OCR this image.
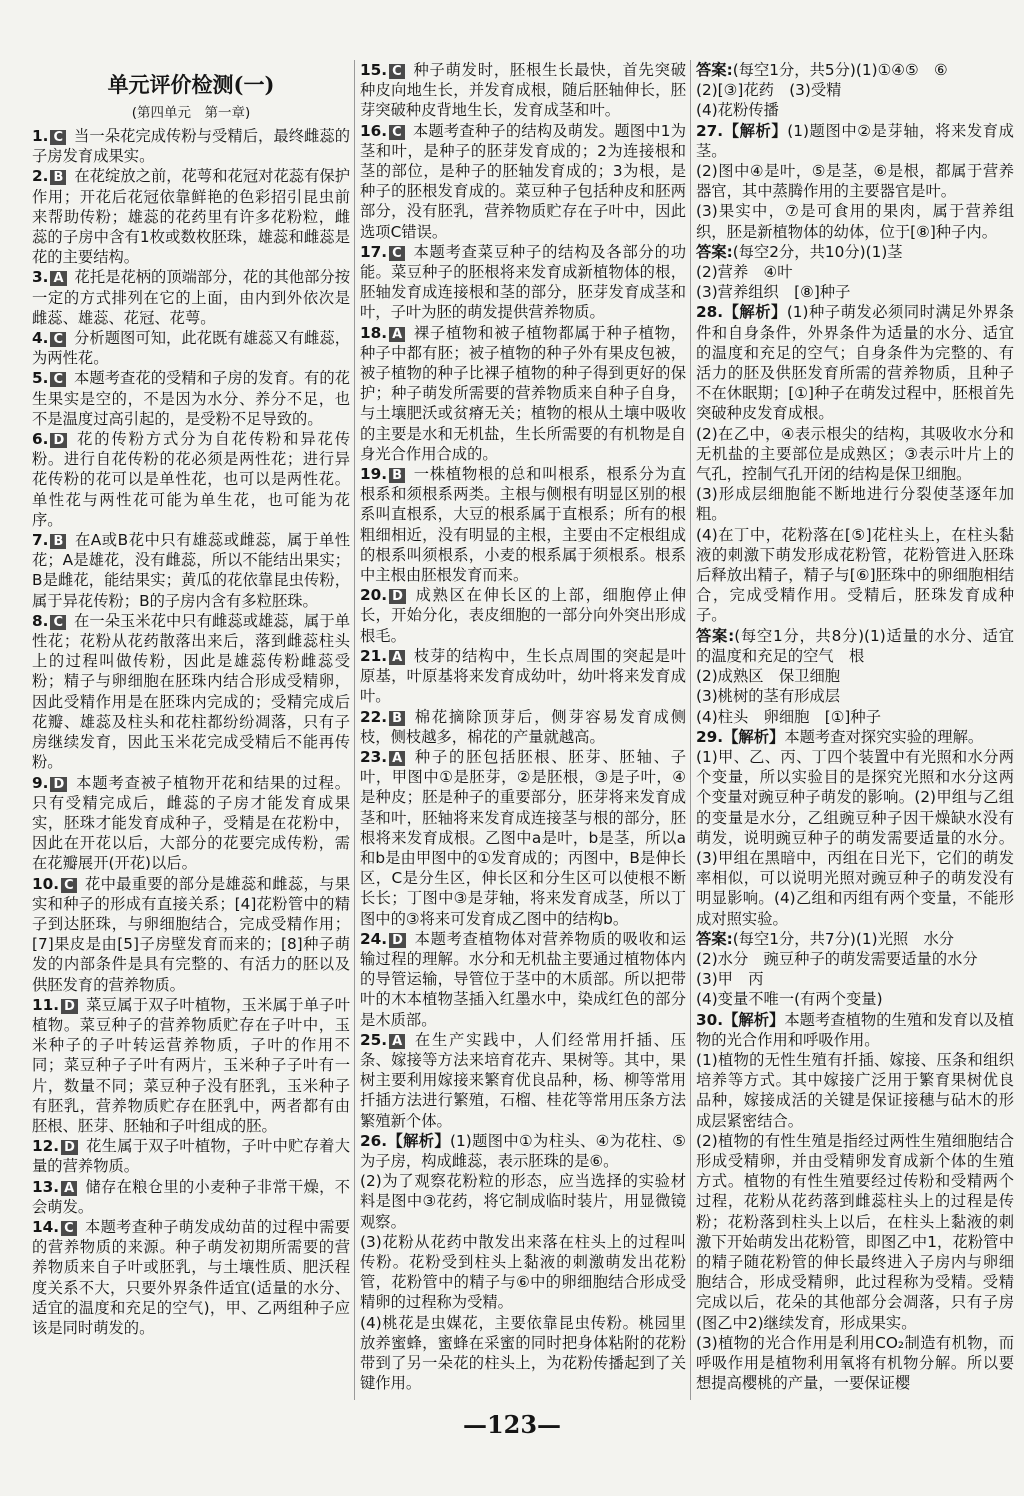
单元评价检测(一)
(第四单元　第一章)
1. C 当一朵花完成传粉与受精后，最终雌蕊的子房发育成果实。
2. B 在花绽放之前，花萼和花冠对花蕊有保护作用；开花后花冠依靠鲜艳的色彩招引昆虫前来帮助传粉；雄蕊的花药里有许多花粉粒，雌蕊的子房中含有1枚或数枚胚珠，雄蕊和雌蕊是花的主要结构。
3. A 花托是花柄的顶端部分，花的其他部分按一定的方式排列在它的上面，由内到外依次是雌蕊、雄蕊、花冠、花萼。
4. C 分析题图可知，此花既有雄蕊又有雌蕊，为两性花。
5. C 本题考查花的受精和子房的发育。有的花生果实是空的，不是因为水分、养分不足，也不是温度过高引起的，是受粉不足导致的。
6. D 花的传粉方式分为自花传粉和异花传粉。进行自花传粉的花必须是两性花；进行异花传粉的花可以是单性花，也可以是两性花。单性花与两性花可能为单生花，也可能为花序。
7. B 在A或B花中只有雄蕊或雌蕊，属于单性花；A是雄花，没有雌蕊，所以不能结出果实；B是雌花，能结果实；黄瓜的花依靠昆虫传粉，属于异花传粉；B的子房内含有多粒胚珠。
8. C 在一朵玉米花中只有雌蕊或雄蕊，属于单性花；花粉从花药散落出来后，落到雌蕊柱头上的过程叫做传粉，因此是雄蕊传粉雌蕊受粉；精子与卵细胞在胚珠内结合形成受精卵，因此受精作用是在胚珠内完成的；受精完成后花瓣、雄蕊及柱头和花柱都纷纷凋落，只有子房继续发育，因此玉米花完成受精后不能再传粉。
9. D 本题考查被子植物开花和结果的过程。只有受精完成后，雌蕊的子房才能发育成果实，胚珠才能发育成种子，受精是在花粉中，因此在开花以后，大部分的花要完成传粉，需在花瓣展开(开花)以后。
10. C 花中最重要的部分是雄蕊和雌蕊，与果实和种子的形成有直接关系；[4]花粉管中的精子到达胚珠，与卵细胞结合，完成受精作用；[7]果皮是由[5]子房壁发育而来的；[8]种子萌发的内部条件是具有完整的、有活力的胚以及供胚发育的营养物质。
11. D 菜豆属于双子叶植物，玉米属于单子叶植物。菜豆种子的营养物质贮存在子叶中，玉米种子的子叶转运营养物质，子叶的作用不同；菜豆种子子叶有两片，玉米种子子叶有一片，数量不同；菜豆种子没有胚乳，玉米种子有胚乳，营养物质贮存在胚乳中，两者都有由胚根、胚芽、胚轴和子叶组成的胚。
12. D 花生属于双子叶植物，子叶中贮存着大量的营养物质。
13. A 储存在粮仓里的小麦种子非常干燥，不会萌发。
14. C 本题考查种子萌发成幼苗的过程中需要的营养物质的来源。种子萌发初期所需要的营养物质来自子叶或胚乳，与土壤性质、肥沃程度关系不大，只要外界条件适宜(适量的水分、适宜的温度和充足的空气)，甲、乙两组种子应该是同时萌发的。
15. C 种子萌发时，胚根生长最快，首先突破种皮向地生长，并发育成根，随后胚轴伸长，胚芽突破种皮背地生长，发育成茎和叶。
16. C 本题考查种子的结构及萌发。题图中1为茎和叶，是种子的胚芽发育成的；2为连接根和茎的部位，是种子的胚轴发育成的；3为根，是种子的胚根发育成的。菜豆种子包括种皮和胚两部分，没有胚乳，营养物质贮存在子叶中，因此选项C错误。
17. C 本题考查菜豆种子的结构及各部分的功能。菜豆种子的胚根将来发育成新植物体的根，胚轴发育成连接根和茎的部分，胚芽发育成茎和叶，子叶为胚的萌发提供营养物质。
18. A 裸子植物和被子植物都属于种子植物，种子中都有胚；被子植物的种子外有果皮包被，被子植物的种子比裸子植物的种子得到更好的保护；种子萌发所需要的营养物质来自种子自身，与土壤肥沃或贫瘠无关；植物的根从土壤中吸收的主要是水和无机盐，生长所需要的有机物是自身光合作用合成的。
19. B 一株植物根的总和叫根系，根系分为直根系和须根系两类。主根与侧根有明显区别的根系叫直根系，大豆的根系属于直根系；所有的根粗细相近，没有明显的主根，主要由不定根组成的根系叫须根系，小麦的根系属于须根系。根系中主根由胚根发育而来。
20. D 成熟区在伸长区的上部，细胞停止伸长，开始分化，表皮细胞的一部分向外突出形成根毛。
21. A 枝芽的结构中，生长点周围的突起是叶原基，叶原基将来发育成幼叶，幼叶将来发育成叶。
22. B 棉花摘除顶芽后，侧芽容易发育成侧枝，侧枝越多，棉花的产量就越高。
23. A 种子的胚包括胚根、胚芽、胚轴、子叶，甲图中①是胚芽，②是胚根，③是子叶，④是种皮；胚是种子的重要部分，胚芽将来发育成茎和叶，胚轴将来发育成连接茎与根的部分，胚根将来发育成根。乙图中a是叶，b是茎，所以a和b是由甲图中的①发育成的；丙图中，B是伸长区，C是分生区，伸长区和分生区可以使根不断长长；丁图中③是芽轴，将来发育成茎，所以丁图中的③将来可发育成乙图中的结构b。
24. D 本题考查植物体对营养物质的吸收和运输过程的理解。水分和无机盐主要通过植物体内的导管运输，导管位于茎中的木质部。所以把带叶的木本植物茎插入红墨水中，染成红色的部分是木质部。
25. A 在生产实践中，人们经常用扦插、压条、嫁接等方法来培育花卉、果树等。其中，果树主要利用嫁接来繁育优良品种，杨、柳等常用扦插方法进行繁殖，石榴、桂花等常用压条方法繁殖新个体。
26.【解析】(1)题图中①为柱头、④为花柱、⑤为子房，构成雌蕊，表示胚珠的是⑥。
(2)为了观察花粉粒的形态，应当选择的实验材料是图中③花药，将它制成临时装片，用显微镜观察。
(3)花粉从花药中散发出来落在柱头上的过程叫传粉。花粉受到柱头上黏液的刺激萌发出花粉管，花粉管中的精子与⑥中的卵细胞结合形成受精卵的过程称为受精。
(4)桃花是虫媒花，主要依靠昆虫传粉。桃园里放养蜜蜂，蜜蜂在采蜜的同时把身体粘附的花粉带到了另一朵花的柱头上，为花粉传播起到了关键作用。
答案:(每空1分，共5分)(1)①④⑤　⑥
(2)[③]花药　(3)受精
(4)花粉传播
27.【解析】(1)题图中②是芽轴，将来发育成茎。
(2)图中④是叶，⑤是茎，⑥是根，都属于营养器官，其中蒸腾作用的主要器官是叶。
(3)果实中，⑦是可食用的果肉，属于营养组织，胚是新植物体的幼体，位于[⑧]种子内。
答案:(每空2分，共10分)(1)茎
(2)营养　④叶
(3)营养组织　[⑧]种子
28.【解析】(1)种子萌发必须同时满足外界条件和自身条件，外界条件为适量的水分、适宜的温度和充足的空气；自身条件为完整的、有活力的胚及供胚发育所需的营养物质，且种子不在休眠期；[①]种子在萌发过程中，胚根首先突破种皮发育成根。
(2)在乙中，④表示根尖的结构，其吸收水分和无机盐的主要部位是成熟区；③表示叶片上的气孔，控制气孔开闭的结构是保卫细胞。
(3)形成层细胞能不断地进行分裂使茎逐年加粗。
(4)在丁中，花粉落在[⑤]花柱头上，在柱头黏液的刺激下萌发形成花粉管，花粉管进入胚珠后释放出精子，精子与[⑥]胚珠中的卵细胞相结合，完成受精作用。受精后，胚珠发育成种子。
答案:(每空1分，共8分)(1)适量的水分、适宜的温度和充足的空气　根
(2)成熟区　保卫细胞
(3)桃树的茎有形成层
(4)柱头　卵细胞　[①]种子
29.【解析】本题考查对探究实验的理解。
(1)甲、乙、丙、丁四个装置中有光照和水分两个变量，所以实验目的是探究光照和水分这两个变量对豌豆种子萌发的影响。(2)甲组与乙组的变量是水分，乙组豌豆种子因干燥缺水没有萌发，说明豌豆种子的萌发需要适量的水分。(3)甲组在黑暗中，丙组在日光下，它们的萌发率相似，可以说明光照对豌豆种子的萌发没有明显影响。(4)乙组和丙组有两个变量，不能形成对照实验。
答案:(每空1分，共7分)(1)光照　水分
(2)水分　豌豆种子的萌发需要适量的水分
(3)甲　丙
(4)变量不唯一(有两个变量)
30.【解析】本题考查植物的生殖和发育以及植物的光合作用和呼吸作用。
(1)植物的无性生殖有扦插、嫁接、压条和组织培养等方式。其中嫁接广泛用于繁育果树优良品种，嫁接成活的关键是保证接穗与砧木的形成层紧密结合。
(2)植物的有性生殖是指经过两性生殖细胞结合形成受精卵，并由受精卵发育成新个体的生殖方式。植物的有性生殖要经过传粉和受精两个过程，花粉从花药落到雌蕊柱头上的过程是传粉；花粉落到柱头上以后，在柱头上黏液的刺激下开始萌发出花粉管，即图乙中1，花粉管中的精子随花粉管的伸长最终进入子房内与卵细胞结合，形成受精卵，此过程称为受精。受精完成以后，花朵的其他部分会凋落，只有子房(图乙中2)继续发育，形成果实。
(3)植物的光合作用是利用CO₂制造有机物，而呼吸作用是植物利用氧将有机物分解。所以要想提高樱桃的产量，一要保证樱
—123—
